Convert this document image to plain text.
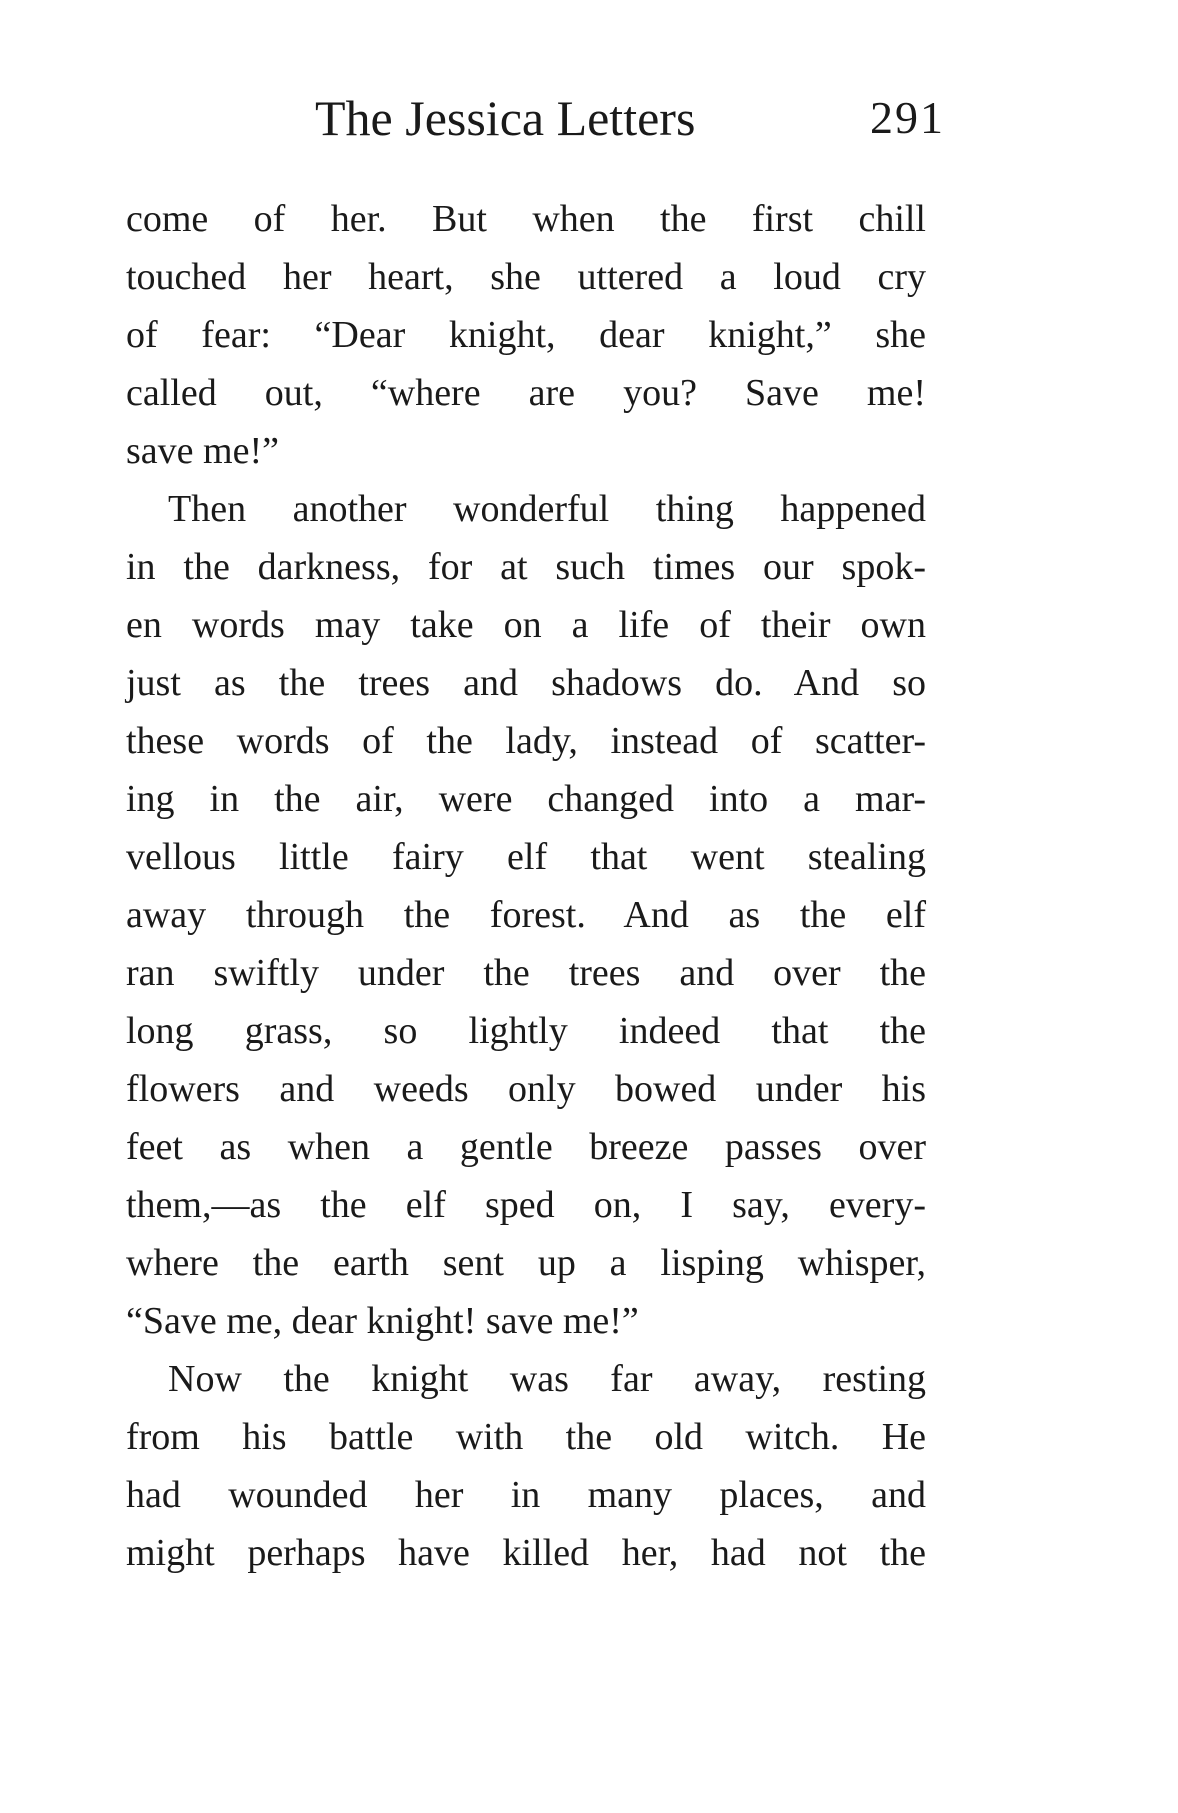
The Jessica Letters	291
come of her. But when the first chill
touched her heart, she uttered a loud cry
of fear: “Dear knight, dear knight,” she
called out, “where are you? Save me!
save me!”
Then another wonderful thing happened
in the darkness, for at such times our spok-
en words may take on a life of their own
just as the trees and shadows do. And so
these words of the lady, instead of scatter-
ing in the air, were changed into a mar-
vellous little fairy elf that went stealing
away through the forest. And as the elf
ran swiftly under the trees and over the
long grass, so lightly indeed that the
flowers and weeds only bowed under his
feet as when a gentle breeze passes over
them,—as the elf sped on, I say, every-
where the earth sent up a lisping whisper,
“Save me, dear knight! save me!”
Now the knight was far away, resting
from his battle with the old witch. He
had wounded her in many places, and
might perhaps have killed her, had not the
